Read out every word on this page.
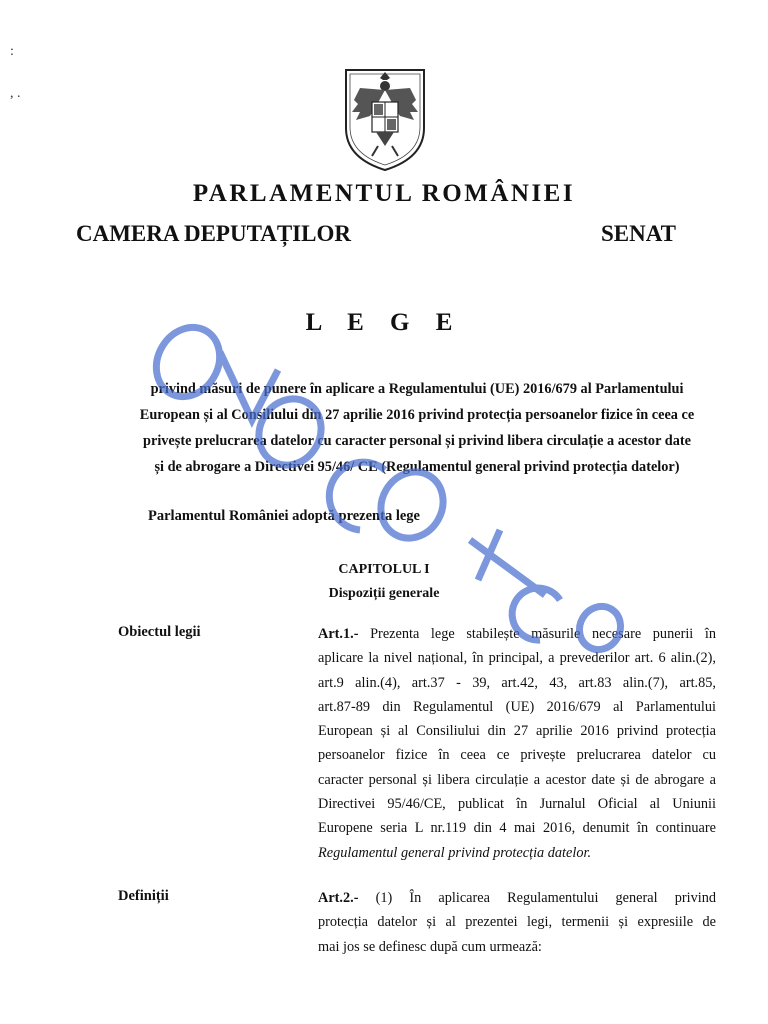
:
, .
PARLAMENTUL ROMÂNIEI
CAMERA DEPUTAȚILOR	SENAT
L E G E
privind măsuri de punere în aplicare a Regulamentului (UE) 2016/679 al Parlamentului
European și al Consiliului din 27 aprilie 2016 privind protecția persoanelor fizice în ceea ce
privește prelucrarea datelor cu caracter personal și privind libera circulație a acestor date
și de abrogare a Directivei 95/46/ CE (Regulamentul general privind protecția datelor)
Parlamentul României adoptă prezenta lege
CAPITOLUL I
Dispoziții generale
Obiectul legii	Art.1.- Prezenta lege stabilește măsurile necesare punerii în
aplicare la nivel național, în principal, a prevederilor art. 6 alin.(2),
art.9 alin.(4), art.37 - 39, art.42, 43, art.83 alin.(7), art.85,
art.87-89 din Regulamentul (UE) 2016/679 al Parlamentului
European și al Consiliului din 27 aprilie 2016 privind protecția
persoanelor fizice în ceea ce privește prelucrarea datelor cu
caracter personal și libera circulație a acestor date și de abrogare a
Directivei 95/46/CE, publicat în Jurnalul Oficial al Uniunii
Europene seria L nr.119 din 4 mai 2016, denumit în continuare
Regulamentul general privind protecția datelor.
Definiții	Art.2.- (1) În aplicarea Regulamentului general privind
protecția datelor și al prezentei legi, termenii și expresiile de
mai jos se definesc după cum urmează:
